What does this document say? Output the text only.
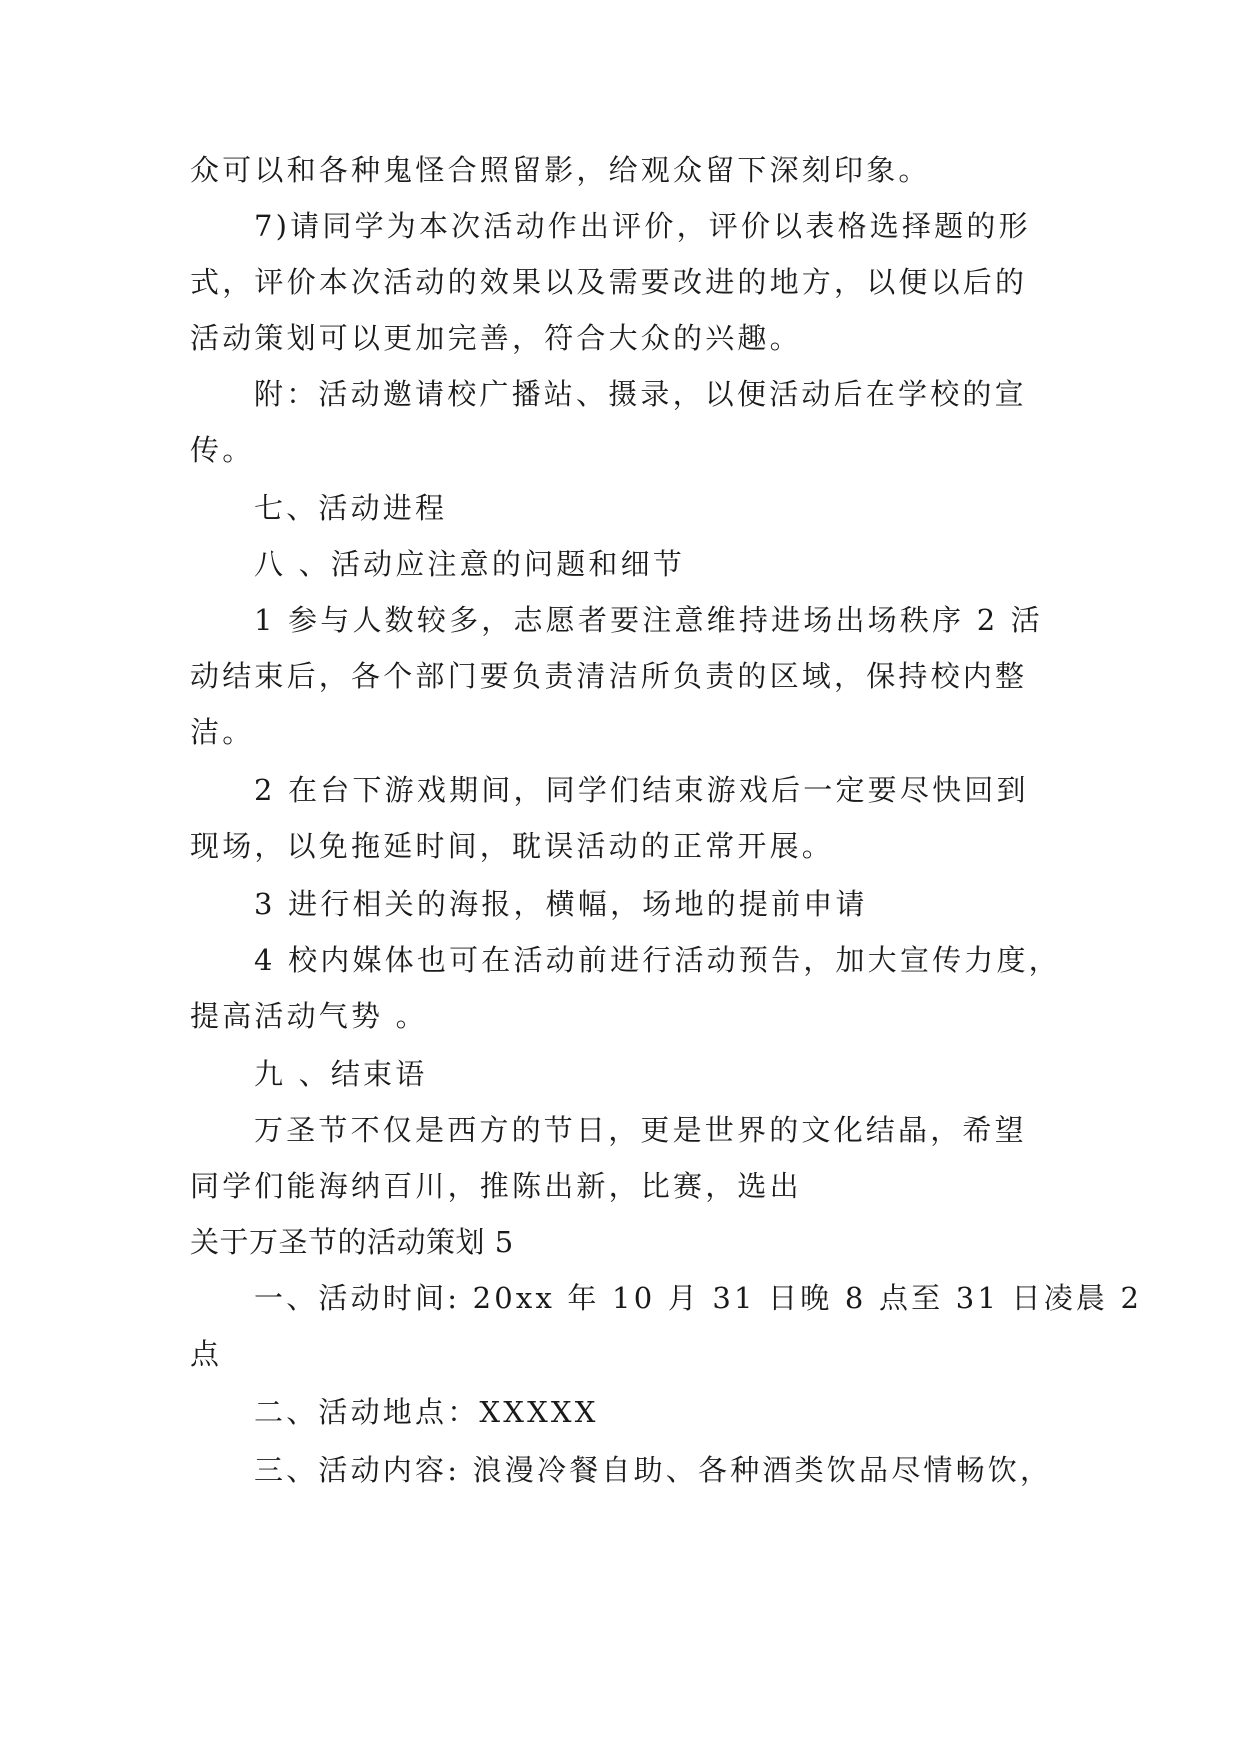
众可以和各种鬼怪合照留影，给观众留下深刻印象。
7)请同学为本次活动作出评价，评价以表格选择题的形
式，评价本次活动的效果以及需要改进的地方，以便以后的
活动策划可以更加完善，符合大众的兴趣。
附：活动邀请校广播站、摄录，以便活动后在学校的宣
传。
七、活动进程
八 、活动应注意的问题和细节
1 参与人数较多，志愿者要注意维持进场出场秩序 2 活
动结束后，各个部门要负责清洁所负责的区域，保持校内整
洁。
2 在台下游戏期间，同学们结束游戏后一定要尽快回到
现场，以免拖延时间，耽误活动的正常开展。
3 进行相关的海报，横幅，场地的提前申请
4 校内媒体也可在活动前进行活动预告，加大宣传力度，
提高活动气势 。
九 、结束语
万圣节不仅是西方的节日，更是世界的文化结晶，希望
同学们能海纳百川，推陈出新，比赛，选出
关于万圣节的活动策划 5
一、活动时间: 20xx 年 10 月 31 日晚 8 点至 31 日凌晨 2
点
二、活动地点：XXXXX
三、活动内容: 浪漫冷餐自助、各种酒类饮品尽情畅饮，
